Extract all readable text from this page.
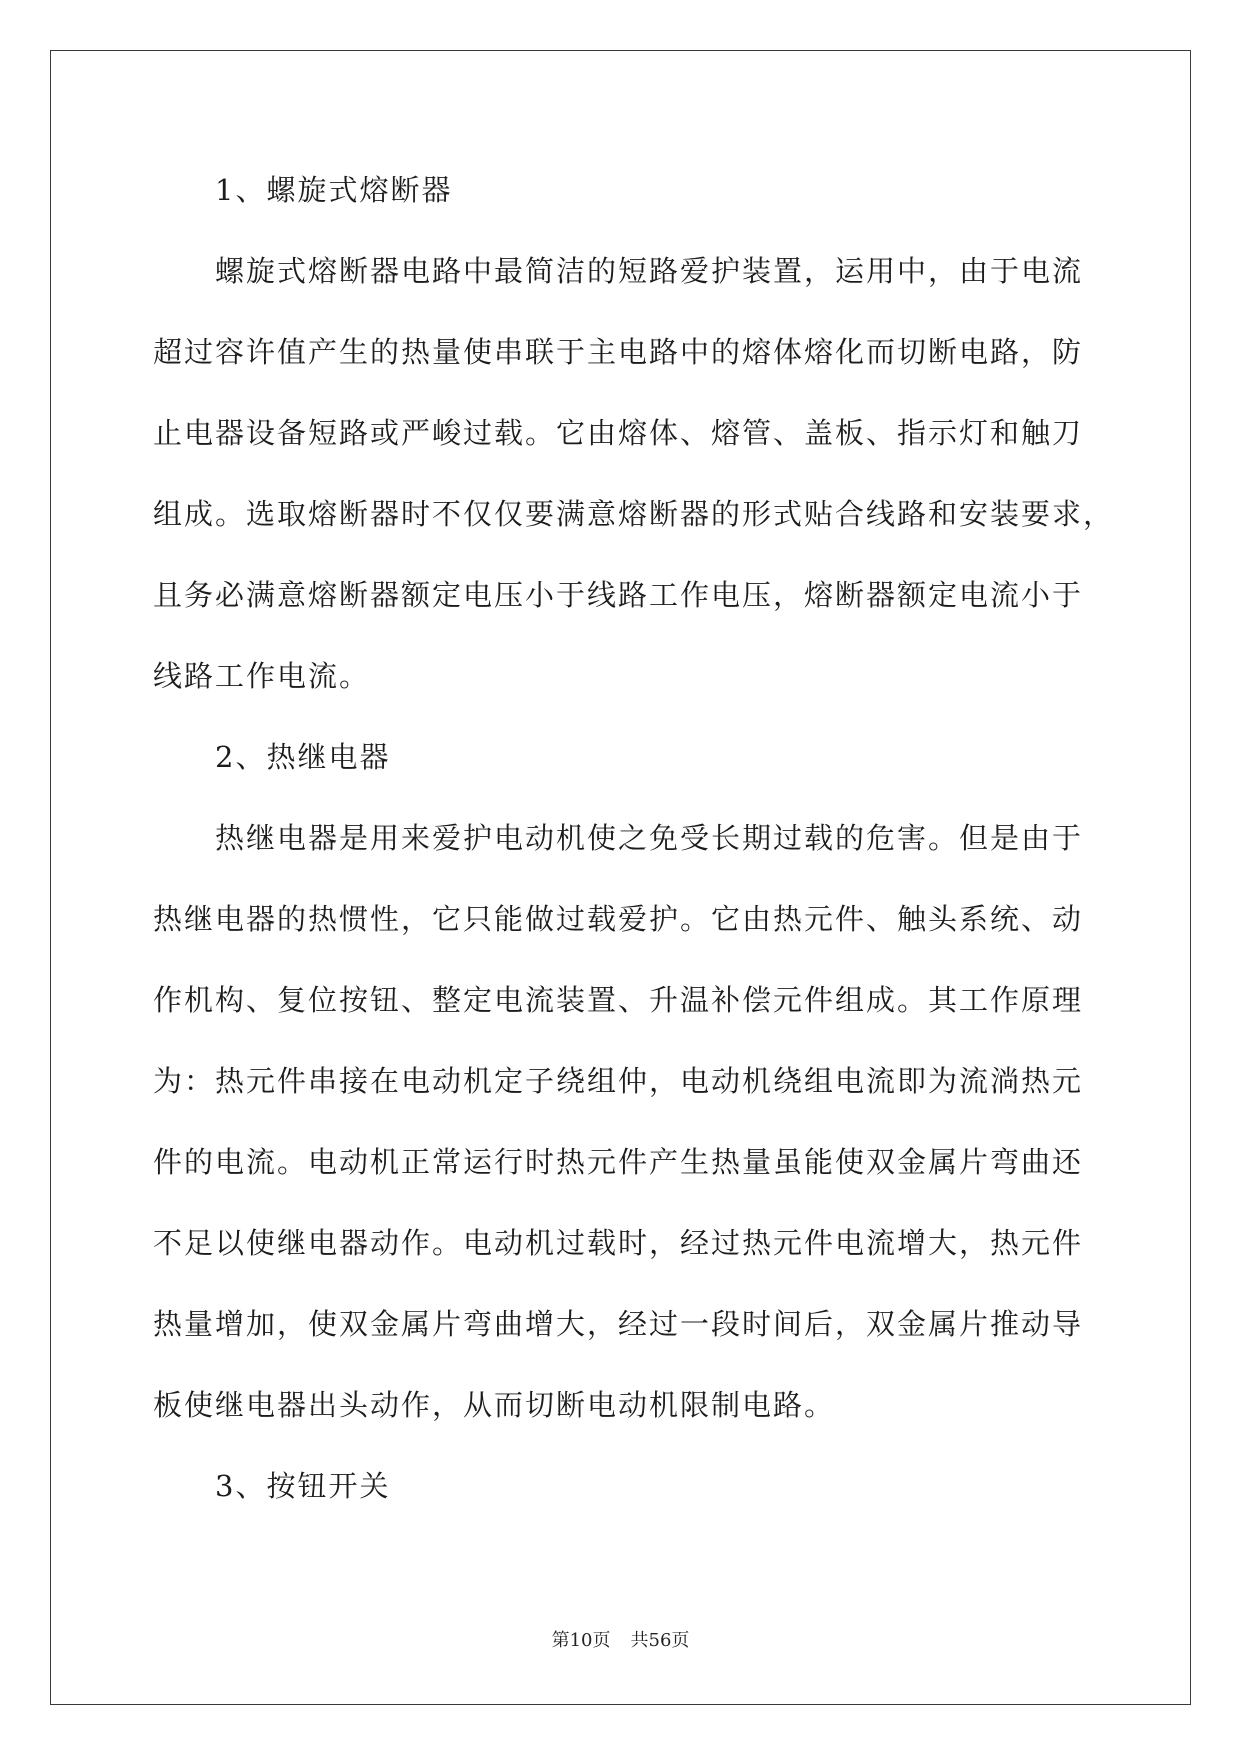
1、螺旋式熔断器
螺旋式熔断器电路中最简洁的短路爱护装置，运用中，由于电流
超过容许值产生的热量使串联于主电路中的熔体熔化而切断电路，防
止电器设备短路或严峻过载。它由熔体、熔管、盖板、指示灯和触刀
组成。选取熔断器时不仅仅要满意熔断器的形式贴合线路和安装要求，
且务必满意熔断器额定电压小于线路工作电压，熔断器额定电流小于
线路工作电流。
2、热继电器
热继电器是用来爱护电动机使之免受长期过载的危害。但是由于
热继电器的热惯性，它只能做过载爱护。它由热元件、触头系统、动
作机构、复位按钮、整定电流装置、升温补偿元件组成。其工作原理
为：热元件串接在电动机定子绕组仲，电动机绕组电流即为流淌热元
件的电流。电动机正常运行时热元件产生热量虽能使双金属片弯曲还
不足以使继电器动作。电动机过载时，经过热元件电流增大，热元件
热量增加，使双金属片弯曲增大，经过一段时间后，双金属片推动导
板使继电器出头动作，从而切断电动机限制电路。
3、按钮开关
第10页 共56页
